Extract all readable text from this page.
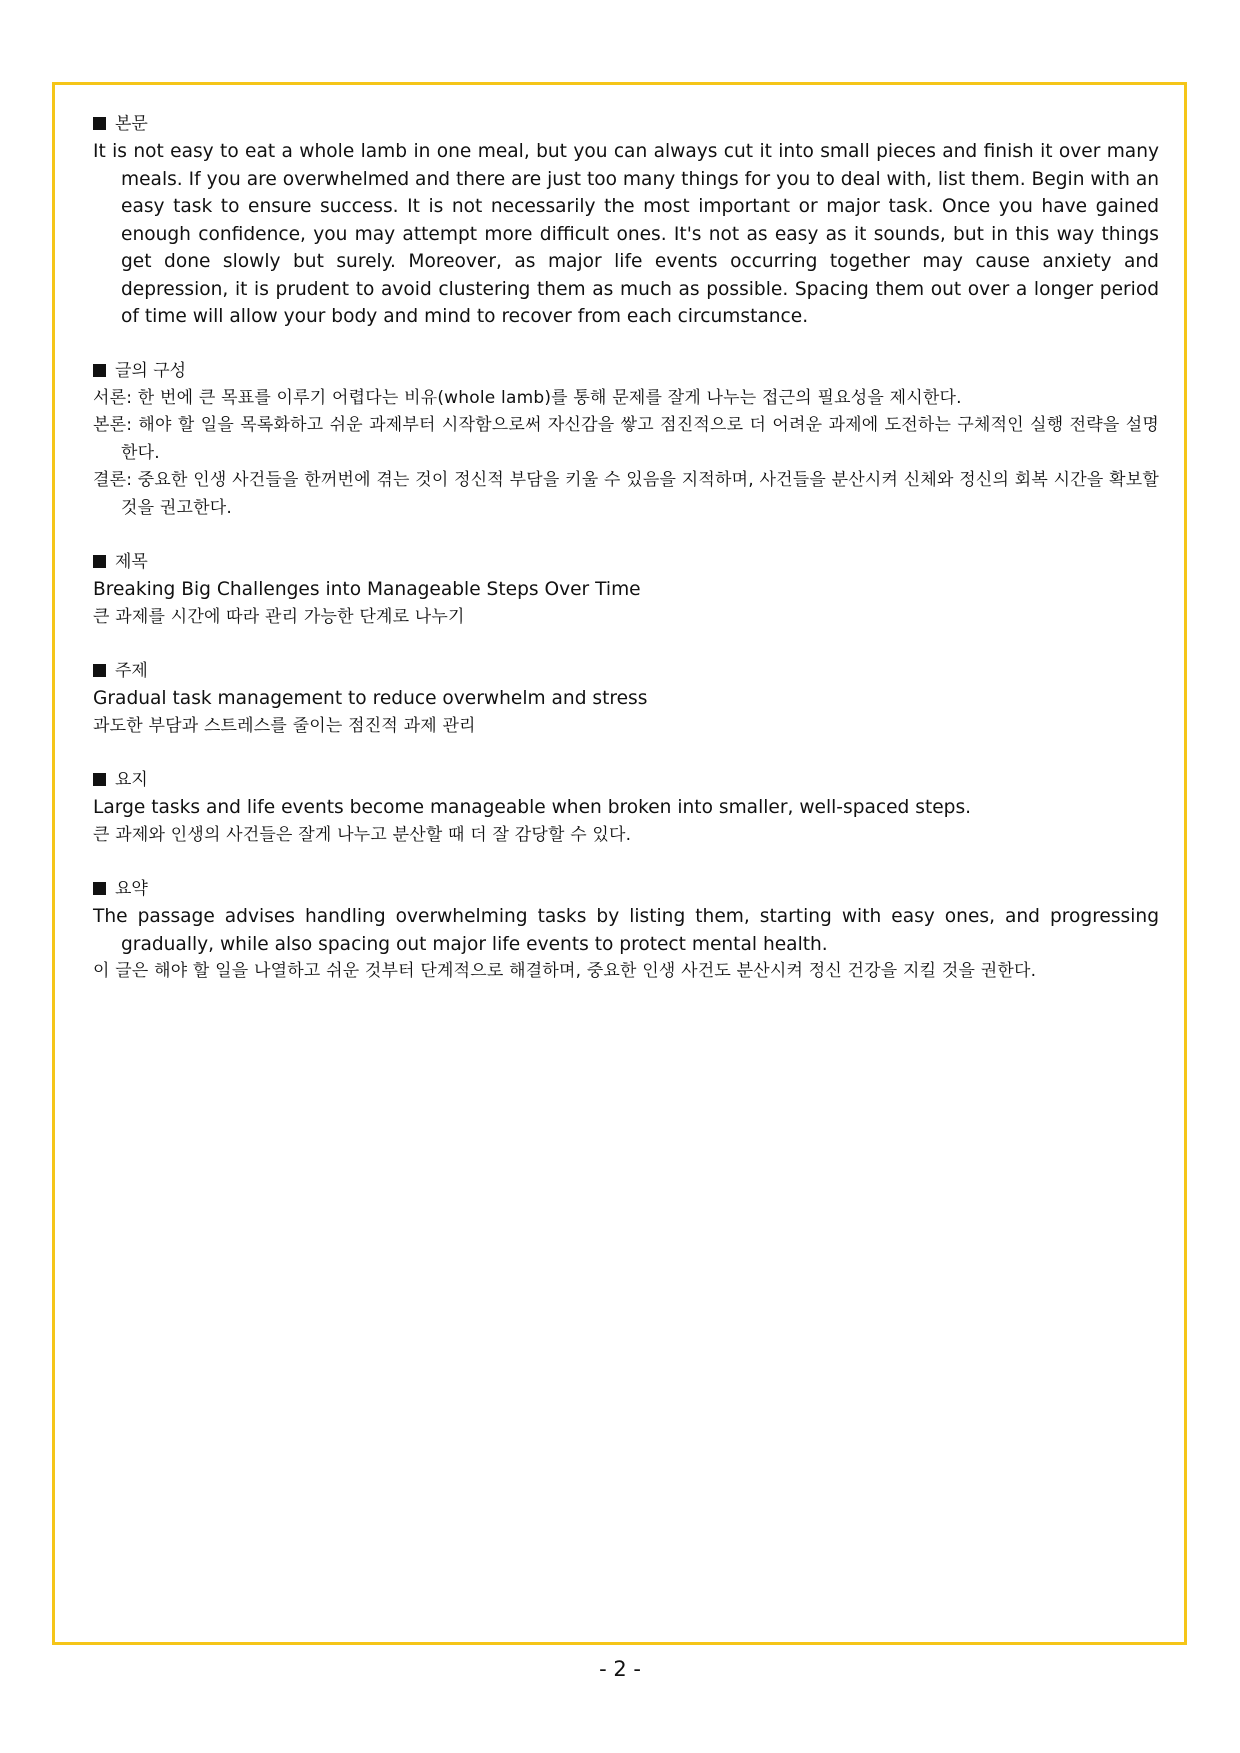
본문

It is not easy to eat a whole lamb in one meal, but you can always cut it into small pieces and finish it over many meals. If you are overwhelmed and there are just too many things for you to deal with, list them. Begin with an easy task to ensure success. It is not necessarily the most important or major task. Once you have gained enough confidence, you may attempt more difficult ones. It's not as easy as it sounds, but in this way things get done slowly but surely. Moreover, as major life events occurring together may cause anxiety and depression, it is prudent to avoid clustering them as much as possible. Spacing them out over a longer period of time will allow your body and mind to recover from each circumstance.

글의 구성

서론: 한 번에 큰 목표를 이루기 어렵다는 비유(whole lamb)를 통해 문제를 잘게 나누는 접근의 필요성을 제시한다.

본론: 해야 할 일을 목록화하고 쉬운 과제부터 시작함으로써 자신감을 쌓고 점진적으로 더 어려운 과제에 도전하는 구체적인 실행 전략을 설명한다.

결론: 중요한 인생 사건들을 한꺼번에 겪는 것이 정신적 부담을 키울 수 있음을 지적하며, 사건들을 분산시켜 신체와 정신의 회복 시간을 확보할 것을 권고한다.

제목

Breaking Big Challenges into Manageable Steps Over Time

큰 과제를 시간에 따라 관리 가능한 단계로 나누기

주제

Gradual task management to reduce overwhelm and stress

과도한 부담과 스트레스를 줄이는 점진적 과제 관리

요지

Large tasks and life events become manageable when broken into smaller, well-spaced steps.

큰 과제와 인생의 사건들은 잘게 나누고 분산할 때 더 잘 감당할 수 있다.

요약

The passage advises handling overwhelming tasks by listing them, starting with easy ones, and progressing gradually, while also spacing out major life events to protect mental health.

이 글은 해야 할 일을 나열하고 쉬운 것부터 단계적으로 해결하며, 중요한 인생 사건도 분산시켜 정신 건강을 지킬 것을 권한다.

- 2 -
